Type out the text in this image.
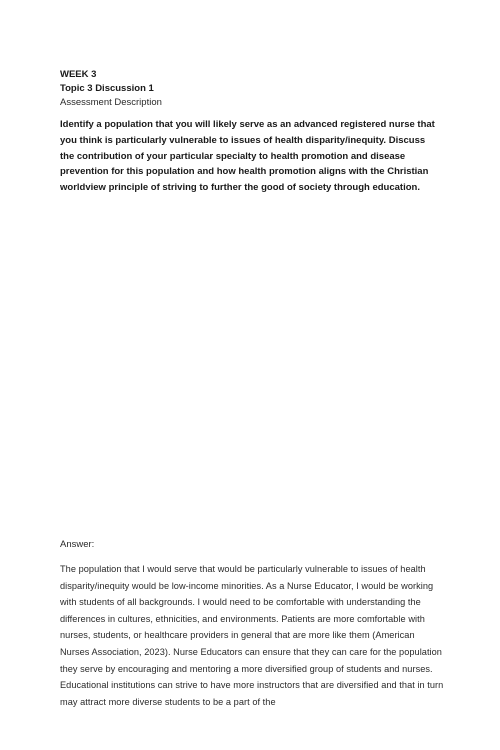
WEEK 3

Topic 3 Discussion 1

Assessment Description

Identify a population that you will likely serve as an advanced registered nurse that you think is particularly vulnerable to issues of health disparity/inequity. Discuss the contribution of your particular specialty to health promotion and disease prevention for this population and how health promotion aligns with the Christian worldview principle of striving to further the good of society through education.

Answer:

The population that I would serve that would be particularly vulnerable to issues of health disparity/inequity would be low-income minorities. As a Nurse Educator, I would be working with students of all backgrounds. I would need to be comfortable with understanding the differences in cultures, ethnicities, and environments. Patients are more comfortable with nurses, students, or healthcare providers in general that are more like them (American Nurses Association, 2023). Nurse Educators can ensure that they can care for the population they serve by encouraging and mentoring a more diversified group of students and nurses. Educational institutions can strive to have more instructors that are diversified and that in turn may attract more diverse students to be a part of the
